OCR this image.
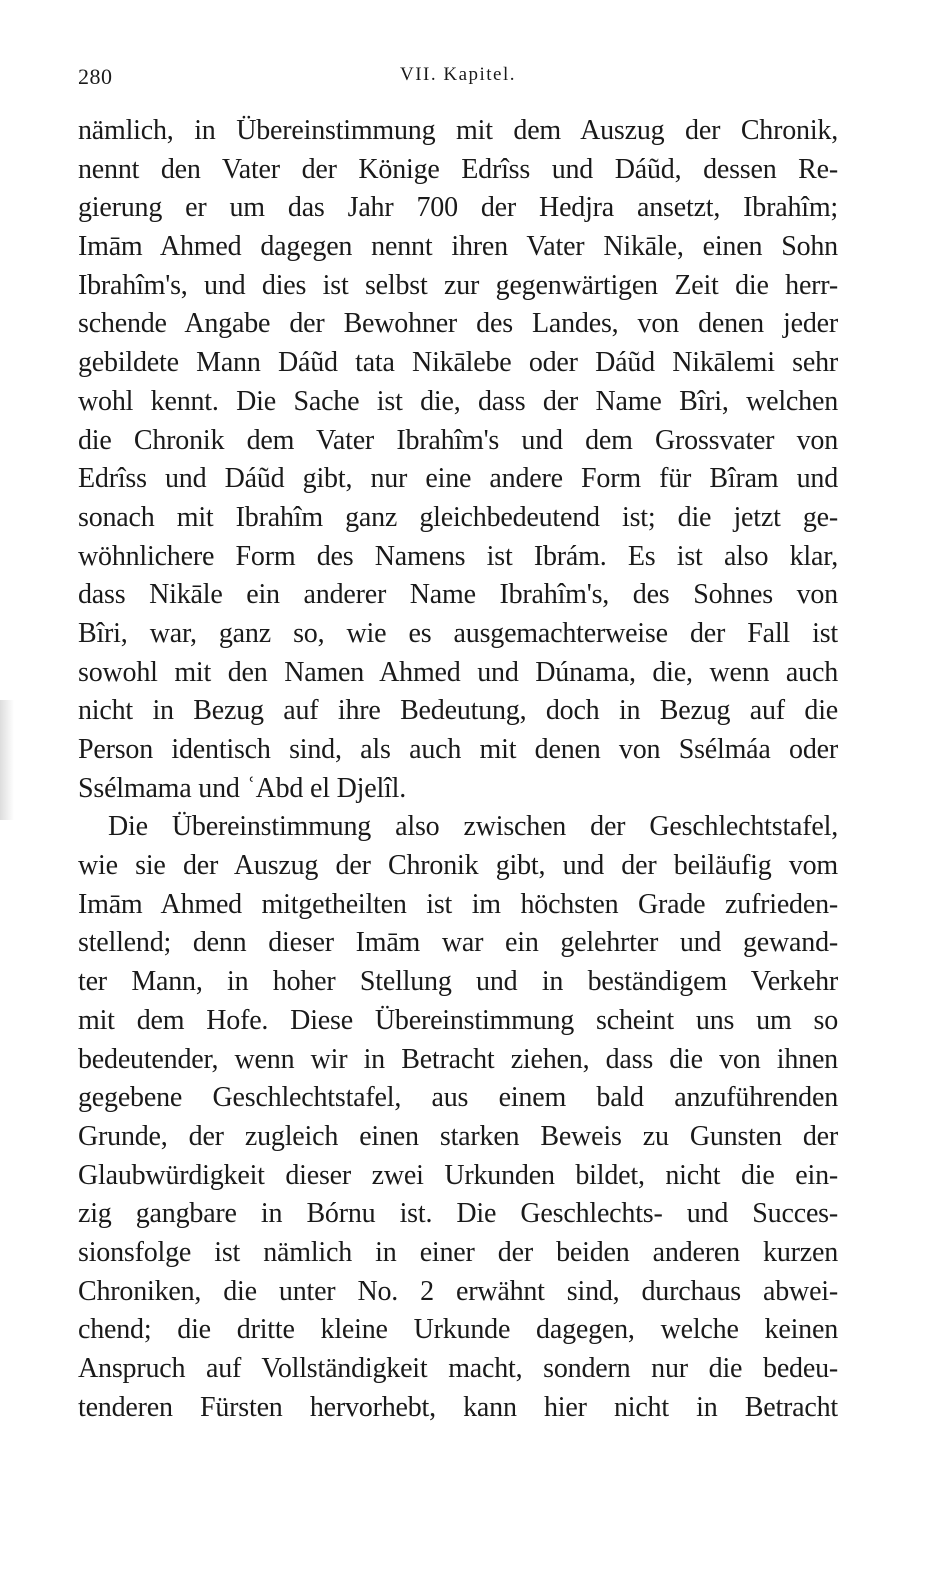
280	VII. Kapitel.
nämlich, in Übereinstimmung mit dem Auszug der Chronik,
nennt den Vater der Könige Edrîss und Dáũd, dessen Re-
gierung er um das Jahr 700 der Hedjra ansetzt, Ibrahîm;
Imām Ahmed dagegen nennt ihren Vater Nikāle, einen Sohn
Ibrahîm's, und dies ist selbst zur gegenwärtigen Zeit die herr-
schende Angabe der Bewohner des Landes, von denen jeder
gebildete Mann Dáũd tata Nikālebe oder Dáũd Nikālemi sehr
wohl kennt. Die Sache ist die, dass der Name Bîri, welchen
die Chronik dem Vater Ibrahîm's und dem Grossvater von
Edrîss und Dáũd gibt, nur eine andere Form für Bîram und
sonach mit Ibrahîm ganz gleichbedeutend ist; die jetzt ge-
wöhnlichere Form des Namens ist Ibrám. Es ist also klar,
dass Nikāle ein anderer Name Ibrahîm's, des Sohnes von
Bîri, war, ganz so, wie es ausgemachterweise der Fall ist
sowohl mit den Namen Ahmed und Dúnama, die, wenn auch
nicht in Bezug auf ihre Bedeutung, doch in Bezug auf die
Person identisch sind, als auch mit denen von Ssélmáa oder
Ssélmama und ʿAbd el Djelîl.
Die Übereinstimmung also zwischen der Geschlechtstafel,
wie sie der Auszug der Chronik gibt, und der beiläufig vom
Imām Ahmed mitgetheilten ist im höchsten Grade zufrieden-
stellend; denn dieser Imām war ein gelehrter und gewand-
ter Mann, in hoher Stellung und in beständigem Verkehr
mit dem Hofe. Diese Übereinstimmung scheint uns um so
bedeutender, wenn wir in Betracht ziehen, dass die von ihnen
gegebene Geschlechtstafel, aus einem bald anzuführenden
Grunde, der zugleich einen starken Beweis zu Gunsten der
Glaubwürdigkeit dieser zwei Urkunden bildet, nicht die ein-
zig gangbare in Bórnu ist. Die Geschlechts- und Succes-
sionsfolge ist nämlich in einer der beiden anderen kurzen
Chroniken, die unter No. 2 erwähnt sind, durchaus abwei-
chend; die dritte kleine Urkunde dagegen, welche keinen
Anspruch auf Vollständigkeit macht, sondern nur die bedeu-
tenderen Fürsten hervorhebt, kann hier nicht in Betracht
